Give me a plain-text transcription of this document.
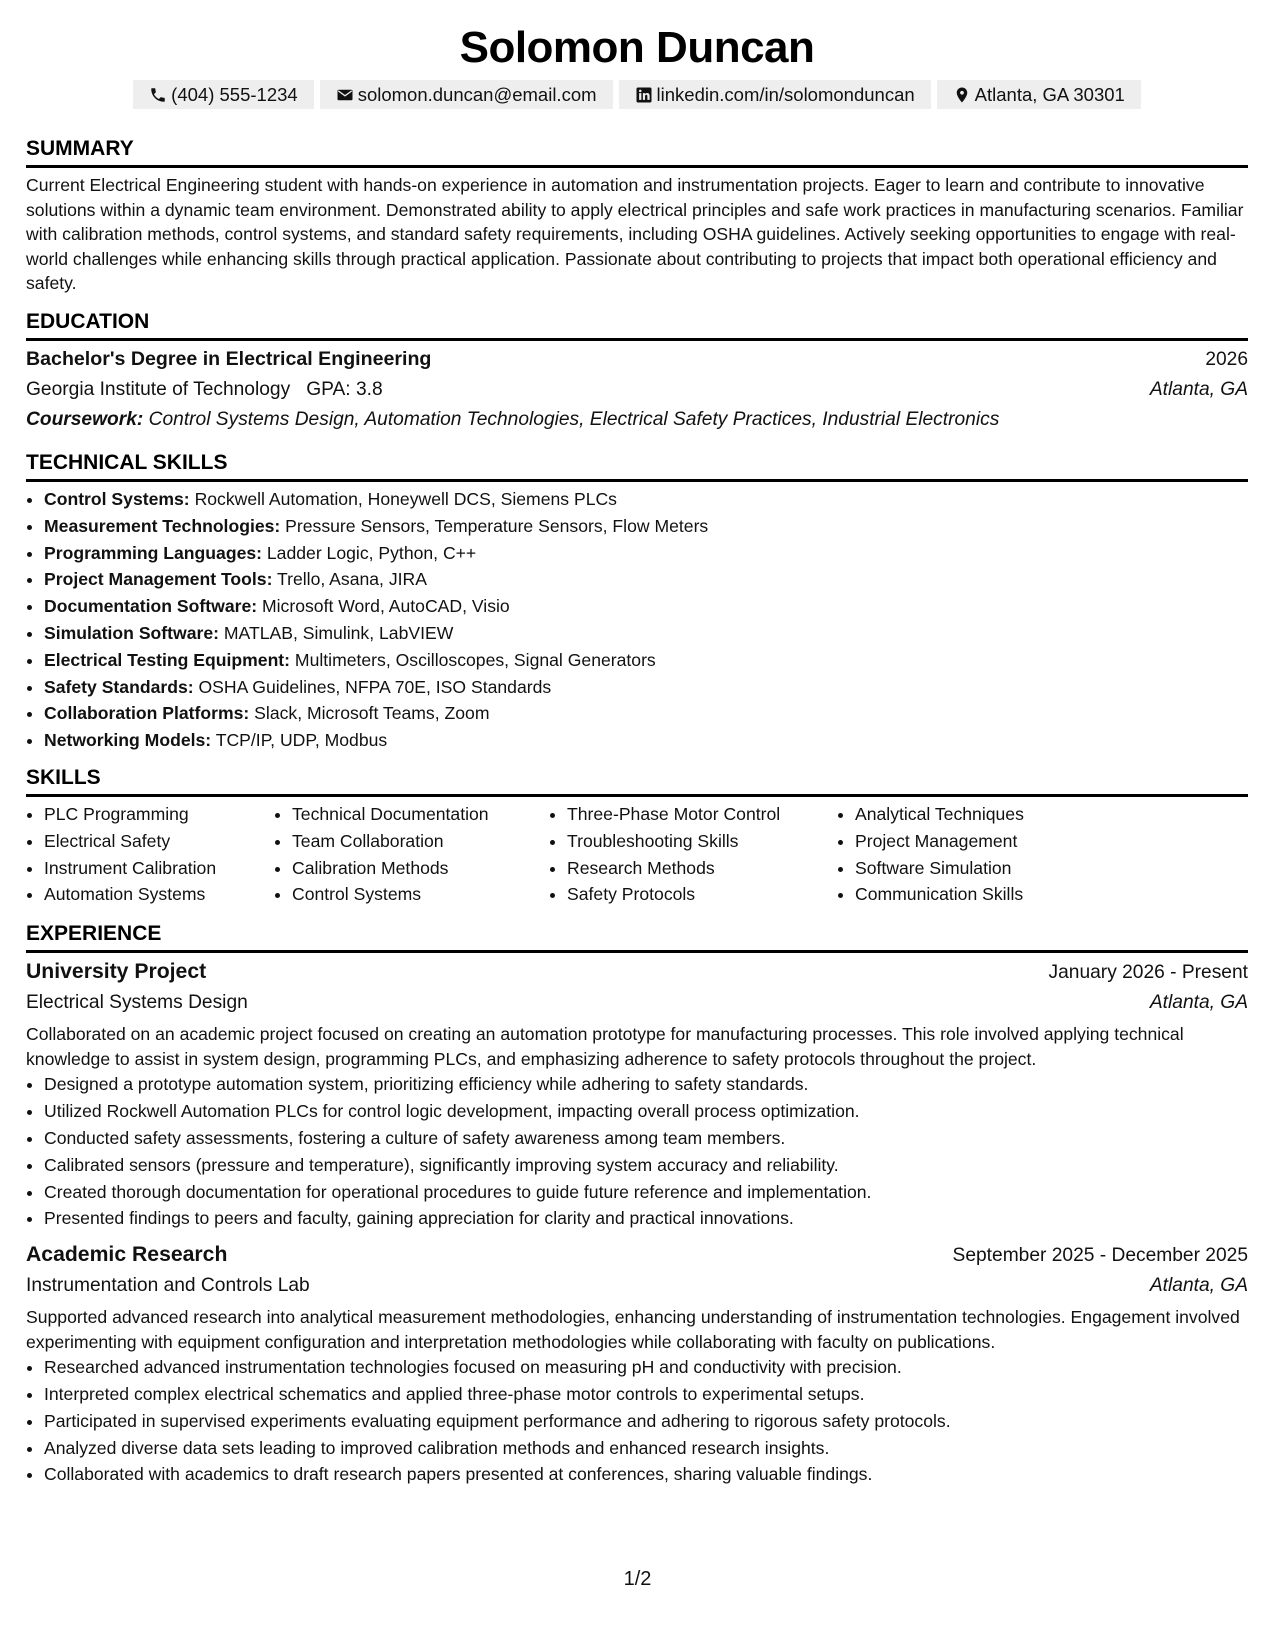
Solomon Duncan
(404) 555-1234	solomon.duncan@email.com	linkedin.com/in/solomonduncan	Atlanta, GA 30301
SUMMARY

Current Electrical Engineering student with hands-on experience in automation and instrumentation projects. Eager to learn and contribute to innovative solutions within a dynamic team environment. Demonstrated ability to apply electrical principles and safe work practices in manufacturing scenarios. Familiar with calibration methods, control systems, and standard safety requirements, including OSHA guidelines. Actively seeking opportunities to engage with real-world challenges while enhancing skills through practical application. Passionate about contributing to projects that impact both operational efficiency and safety.

EDUCATION
Bachelor's Degree in Electrical Engineering	2026
Georgia Institute of Technology GPA: 3.8	Atlanta, GA
Coursework: Control Systems Design, Automation Technologies, Electrical Safety Practices, Industrial Electronics
TECHNICAL SKILLS
• Control Systems: Rockwell Automation, Honeywell DCS, Siemens PLCs
• Measurement Technologies: Pressure Sensors, Temperature Sensors, Flow Meters
• Programming Languages: Ladder Logic, Python, C++
• Project Management Tools: Trello, Asana, JIRA
• Documentation Software: Microsoft Word, AutoCAD, Visio
• Simulation Software: MATLAB, Simulink, LabVIEW
• Electrical Testing Equipment: Multimeters, Oscilloscopes, Signal Generators
• Safety Standards: OSHA Guidelines, NFPA 70E, ISO Standards
• Collaboration Platforms: Slack, Microsoft Teams, Zoom
• Networking Models: TCP/IP, UDP, Modbus
SKILLS
• PLC Programming
• Electrical Safety
• Instrument Calibration
• Automation Systems
• Technical Documentation
• Team Collaboration
• Calibration Methods
• Control Systems
• Three-Phase Motor Control
• Troubleshooting Skills
• Research Methods
• Safety Protocols
• Analytical Techniques
• Project Management
• Software Simulation
• Communication Skills
EXPERIENCE
University Project	January 2026 - Present
Electrical Systems Design	Atlanta, GA

Collaborated on an academic project focused on creating an automation prototype for manufacturing processes. This role involved applying technical knowledge to assist in system design, programming PLCs, and emphasizing adherence to safety protocols throughout the project.

• Designed a prototype automation system, prioritizing efficiency while adhering to safety standards.
• Utilized Rockwell Automation PLCs for control logic development, impacting overall process optimization.
• Conducted safety assessments, fostering a culture of safety awareness among team members.
• Calibrated sensors (pressure and temperature), significantly improving system accuracy and reliability.
• Created thorough documentation for operational procedures to guide future reference and implementation.
• Presented findings to peers and faculty, gaining appreciation for clarity and practical innovations.
Academic Research	September 2025 - December 2025
Instrumentation and Controls Lab	Atlanta, GA

Supported advanced research into analytical measurement methodologies, enhancing understanding of instrumentation technologies. Engagement involved experimenting with equipment configuration and interpretation methodologies while collaborating with faculty on publications.

• Researched advanced instrumentation technologies focused on measuring pH and conductivity with precision.
• Interpreted complex electrical schematics and applied three-phase motor controls to experimental setups.
• Participated in supervised experiments evaluating equipment performance and adhering to rigorous safety protocols.
• Analyzed diverse data sets leading to improved calibration methods and enhanced research insights.
• Collaborated with academics to draft research papers presented at conferences, sharing valuable findings.
1/2
